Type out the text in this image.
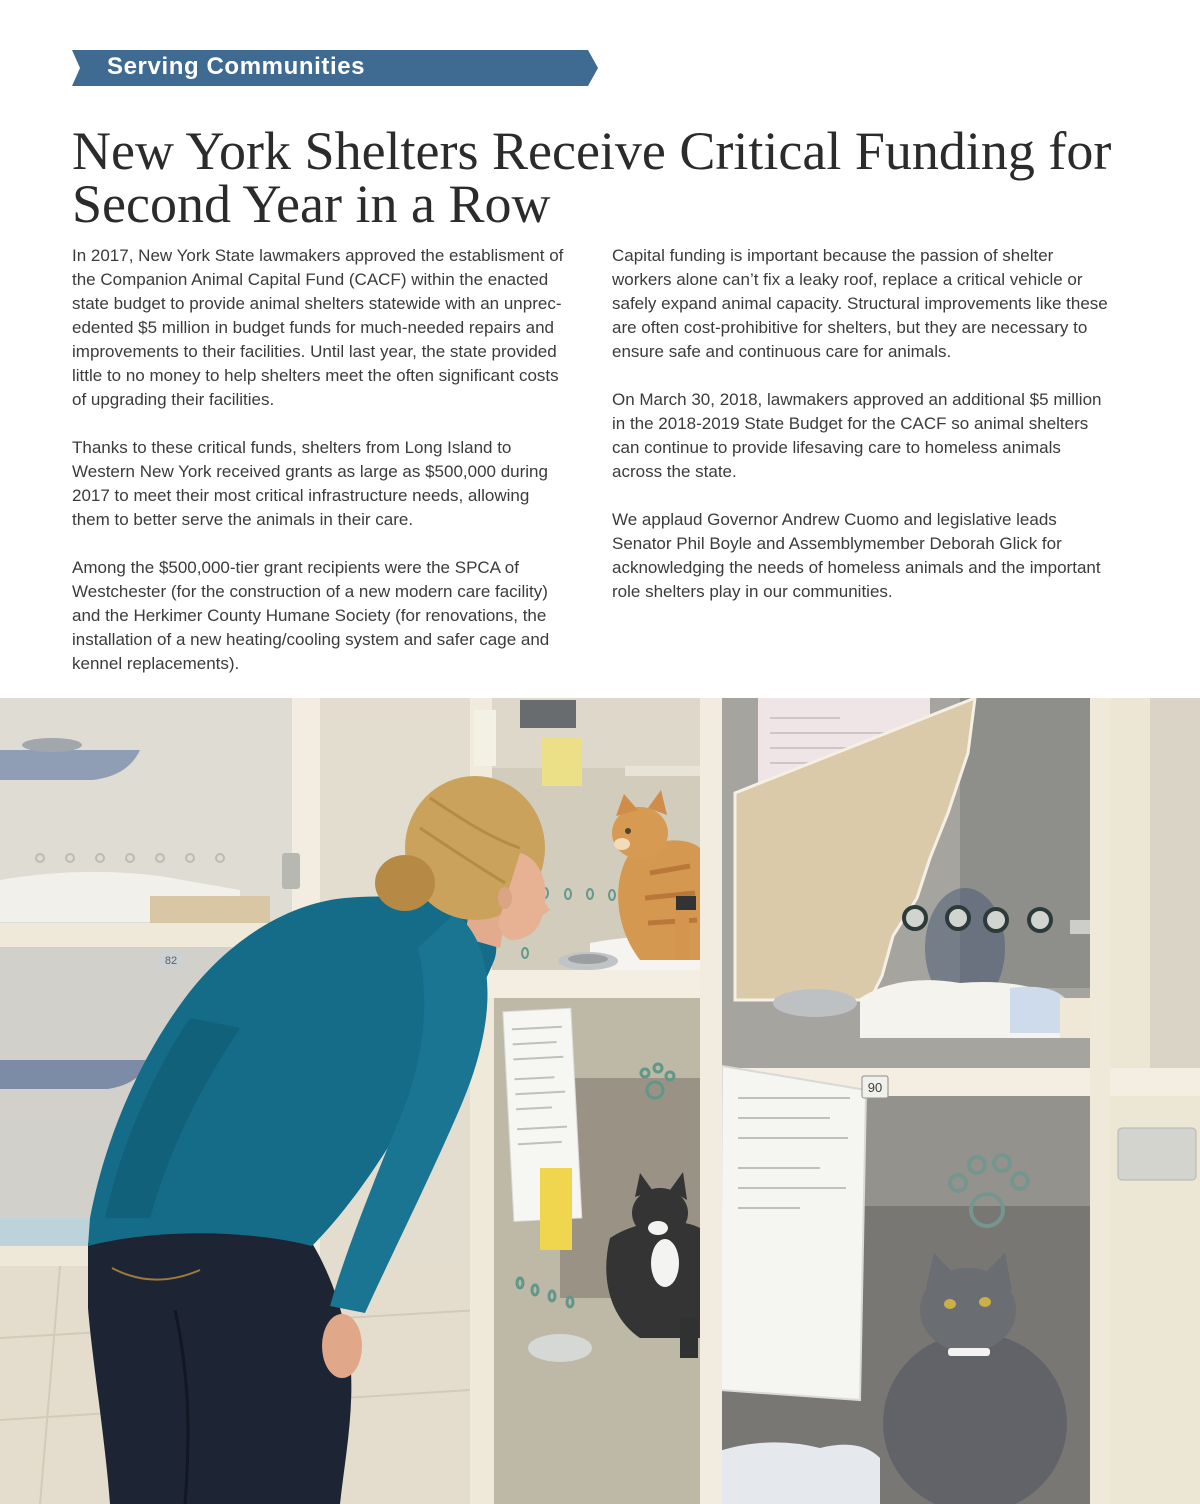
Serving Communities
New York Shelters Receive Critical Funding for
Second Year in a Row

In 2017, New York State lawmakers approved the establisment of
the Companion Animal Capital Fund (CACF) within the enacted
state budget to provide animal shelters statewide with an unprec-
edented $5 million in budget funds for much-needed repairs and
improvements to their facilities. Until last year, the state provided
little to no money to help shelters meet the often significant costs
of upgrading their facilities.

Thanks to these critical funds, shelters from Long Island to
Western New York received grants as large as $500,000 during
2017 to meet their most critical infrastructure needs, allowing
them to better serve the animals in their care.

Among the $500,000-tier grant recipients were the SPCA of
Westchester (for the construction of a new modern care facility)
and the Herkimer County Humane Society (for renovations, the
installation of a new heating/cooling system and safer cage and
kennel replacements).

Capital funding is important because the passion of shelter
workers alone can’t fix a leaky roof, replace a critical vehicle or
safely expand animal capacity. Structural improvements like these
are often cost-prohibitive for shelters, but they are necessary to
ensure safe and continuous care for animals.

On March 30, 2018, lawmakers approved an additional $5 million
in the 2018-2019 State Budget for the CACF so animal shelters
can continue to provide lifesaving care to homeless animals
across the state.

We applaud Governor Andrew Cuomo and legislative leads
Senator Phil Boyle and Assemblymember Deborah Glick for
acknowledging the needs of homeless animals and the important
role shelters play in our communities.

82
90
